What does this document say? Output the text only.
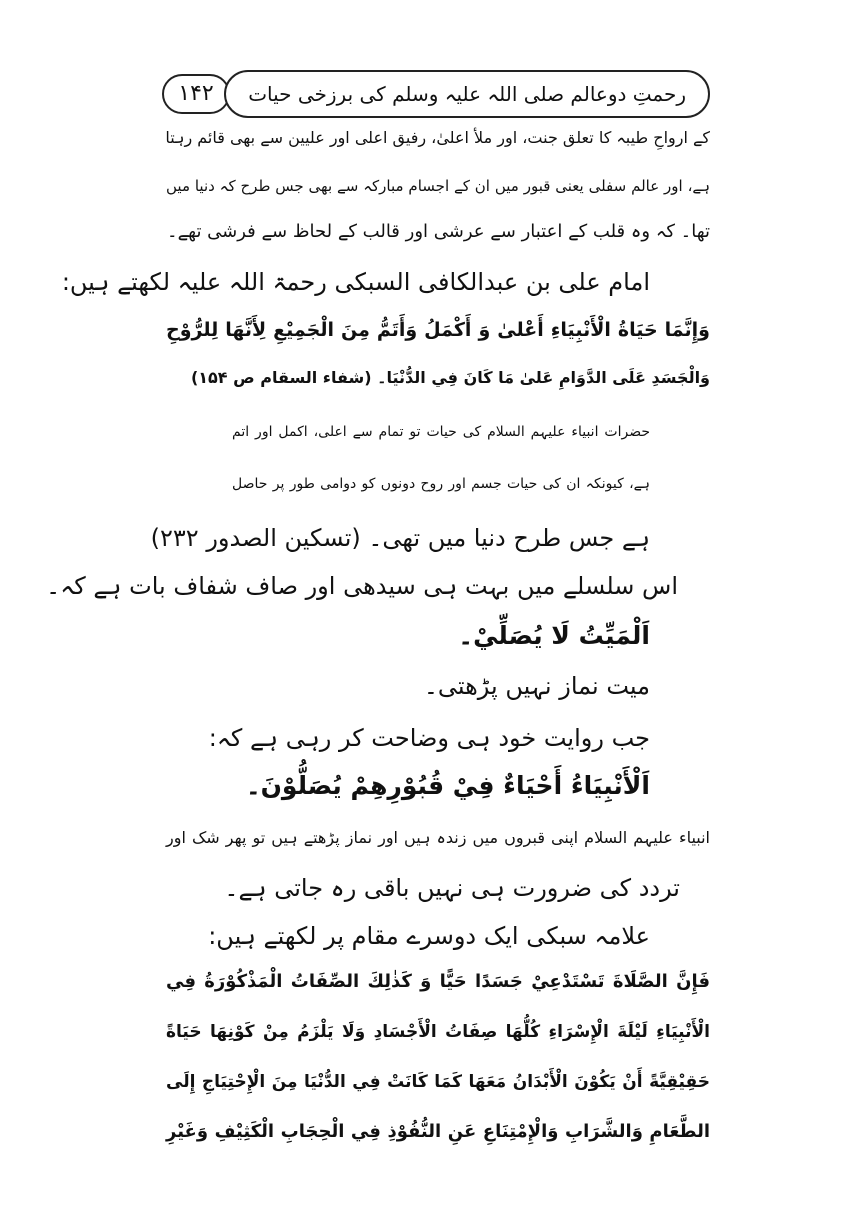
۱۴۲	رحمتِ دوعالم صلی اللہ علیہ وسلم کی برزخی حیات
کے ارواحِ طیبہ کا تعلق جنت، اور ملأ اعلیٰ، رفیق اعلی اور علیین سے بھی قائم رہتا
ہے، اور عالم سفلی یعنی قبور میں ان کے اجسام مبارکہ سے بھی جس طرح کہ دنیا میں
تھا۔ کہ وہ قلب کے اعتبار سے عرشی اور قالب کے لحاظ سے فرشی تھے۔
امام علی بن عبدالکافی السبکی رحمۃ اللہ علیہ لکھتے ہیں:
وَإِنَّمَا حَيَاةُ الْأَنْبِيَاءِ أَعْلىٰ وَ أَكْمَلُ وَأَتَمُّ مِنَ الْجَمِيْعِ لِأَنَّهَا لِلرُّوْحِ
وَالْجَسَدِ عَلَى الدَّوَامِ عَلىٰ مَا كَانَ فِي الدُّنْيَا۔ (شفاء السقام ص ۱۵۴)
حضرات انبیاء علیہم السلام کی حیات تو تمام سے اعلی، اکمل اور اتم
ہے، کیونکہ ان کی حیات جسم اور روح دونوں کو دوامی طور پر حاصل
ہے جس طرح دنیا میں تھی۔ (تسکین الصدور ۲۳۲)
اس سلسلے میں بہت ہی سیدھی اور صاف شفاف بات ہے کہ۔
اَلْمَيِّتُ لَا يُصَلِّيْ۔
میت نماز نہیں پڑھتی۔
جب روایت خود ہی وضاحت کر رہی ہے کہ:
اَلْأَنْبِيَاءُ أَحْيَاءٌ فِيْ قُبُوْرِهِمْ يُصَلُّوْنَ۔
انبیاء علیہم السلام اپنی قبروں میں زندہ ہیں اور نماز پڑھتے ہیں تو پھر شک اور
تردد کی ضرورت ہی نہیں باقی رہ جاتی ہے۔
علامہ سبکی ایک دوسرے مقام پر لکھتے ہیں:
فَإِنَّ الصَّلَاةَ تَسْتَدْعِيْ جَسَدًا حَيًّا وَ كَذٰلِكَ الصِّفَاتُ الْمَذْكُوْرَةُ فِي
الْأَنْبِيَاءِ لَيْلَةَ الْإِسْرَاءِ كُلُّهَا صِفَاتُ الْأَجْسَادِ وَلَا يَلْزَمُ مِنْ كَوْنِهَا حَيَاةً
حَقِيْقِيَّةً أَنْ يَكُوْنَ الْأَبْدَانُ مَعَهَا كَمَا كَانَتْ فِي الدُّنْيَا مِنَ الْإِحْتِيَاجِ إِلَى
الطَّعَامِ وَالشَّرَابِ وَالْإِمْتِنَاعِ عَنِ النُّفُوْذِ فِي الْحِجَابِ الْكَثِيْفِ وَغَيْرِ
